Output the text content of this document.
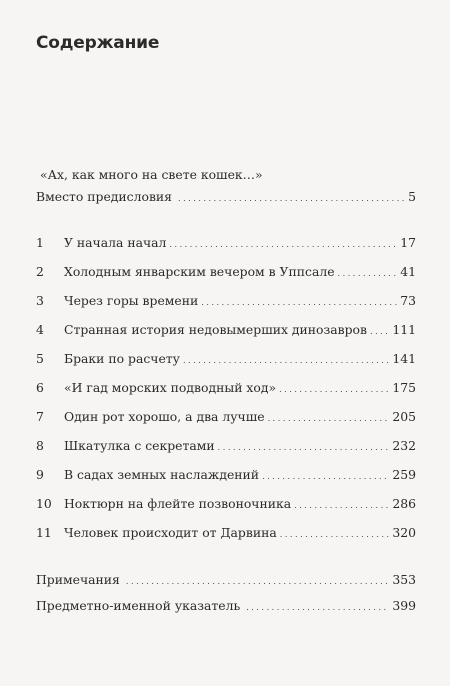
Содержание
«Ах, как много на свете кошек…»
Вместо предисловия . . .	5
1	У начала начал . . .	17
2	Холодным январским вечером в Уппсале . . .	41
3	Через горы времени . . .	73
4	Странная история недовымерших динозавров . . . 111
5	Браки по расчету . . .	141
6	«И гад морских подводный ход» . . .	175
7	Один рот хорошо, а два лучше . . .	205
8	Шкатулка с секретами . . .	232
9	В садах земных наслаждений . . .	259
10 Ноктюрн на флейте позвоночника . . .	286
11 Человек происходит от Дарвина . . .	320
Примечания . . .	353
Предметно-именной указатель . . .	399
